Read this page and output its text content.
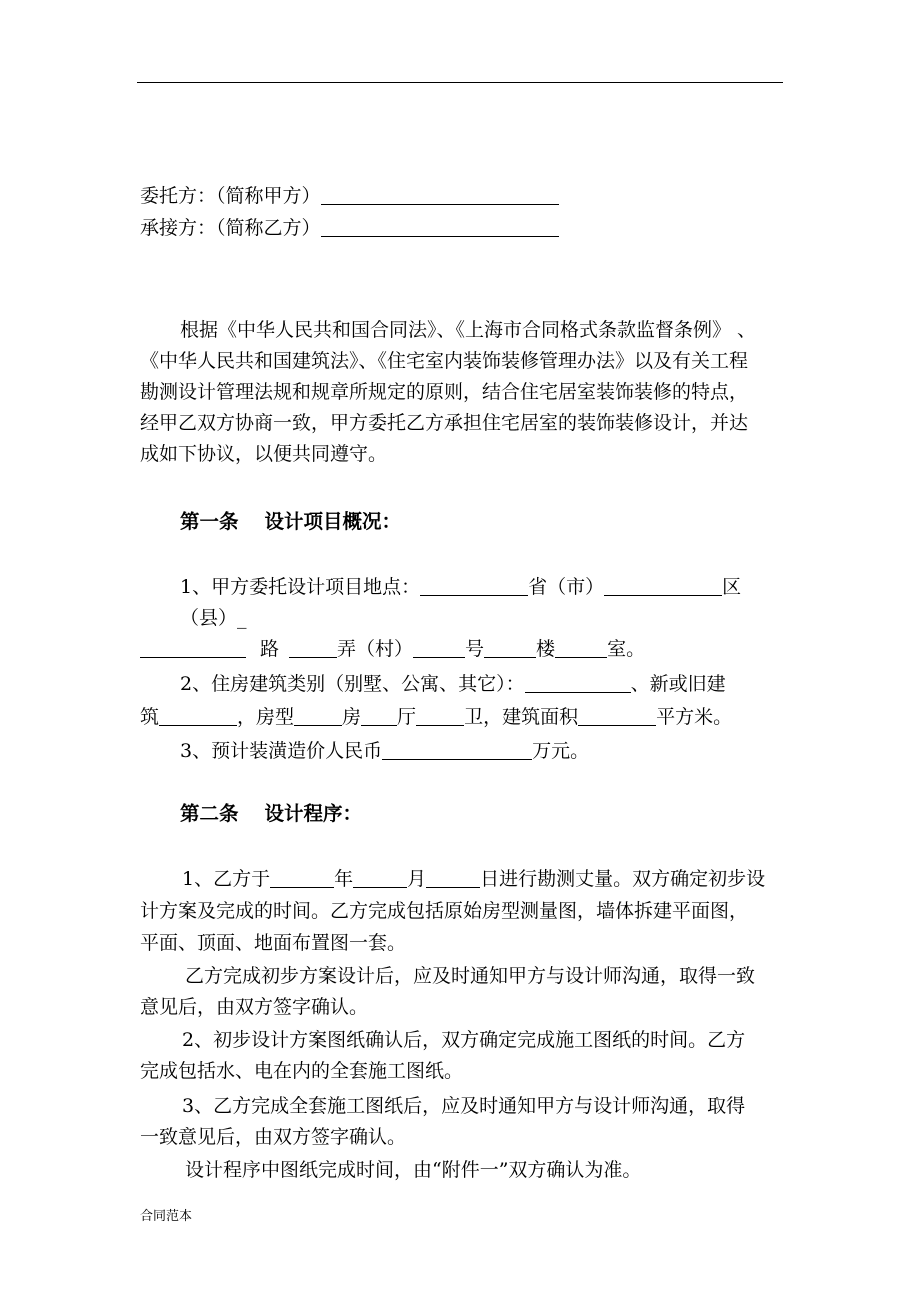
委托方：（简称甲方）
承接方：（简称乙方）
根据《中华人民共和国合同法》、《上海市合同格式条款监督条例》 、
《中华人民共和国建筑法》、《住宅室内装饰装修管理办法》以及有关工程
勘测设计管理法规和规章所规定的原则，结合住宅居室装饰装修的特点，
经甲乙双方协商一致，甲方委托乙方承担住宅居室的装饰装修设计，并达
成如下协议，以便共同遵守。
第一条 设计项目概况：
1、甲方委托设计项目地点：	省（市）	区
（县）_
路	弄（村）	号	楼	室。
2、住房建筑类别（别墅、公寓、其它）：	、新或旧建
筑	，房型	房 厅	卫，建筑面积	平方米。
3、预计装潢造价人民币	万元。
第二条 设计程序：
1、乙方于	年	月	日进行勘测丈量。双方确定初步设
计方案及完成的时间。乙方完成包括原始房型测量图，墙体拆建平面图，
平面、顶面、地面布置图一套。
乙方完成初步方案设计后，应及时通知甲方与设计师沟通，取得一致
意见后，由双方签字确认。
2、初步设计方案图纸确认后，双方确定完成施工图纸的时间。乙方
完成包括水、电在内的全套施工图纸。
3、乙方完成全套施工图纸后，应及时通知甲方与设计师沟通，取得
一致意见后，由双方签字确认。
设计程序中图纸完成时间，由“附件一”双方确认为准。
合同范本
